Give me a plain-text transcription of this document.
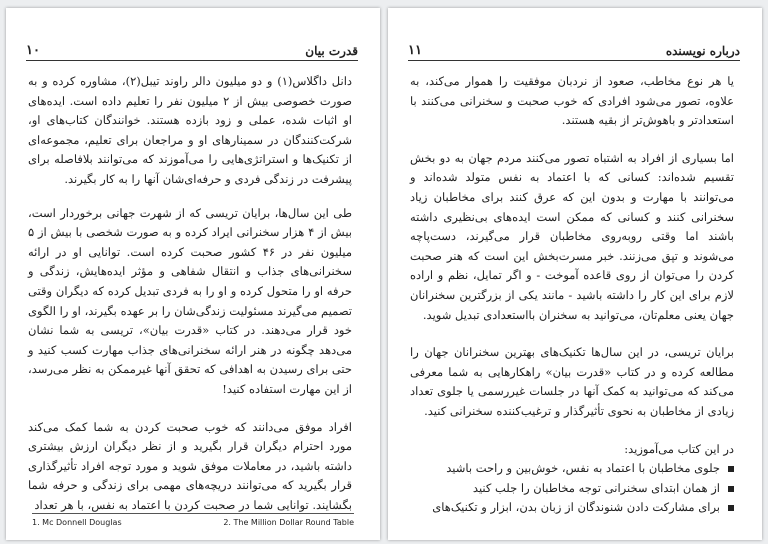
۱۰	قدرت بیان

دانل داگلاس(۱) و دو میلیون دالر راوند تیبل(۲)، مشاوره کرده و به صورت خصوصی بیش از ۲ میلیون نفر را تعلیم داده است. ایده‌های او اثبات شده، عملی و زود بازده هستند. خوانندگان کتاب‌های او، شرکت‌کنندگان در سمینارهای او و مراجعان برای تعلیم، مجموعه‌ای از تکنیک‌ها و استراتژی‌هایی را می‌آموزند که می‌توانند بلافاصله برای پیشرفت در زندگی فردی و حرفه‌ای‌شان آنها را به کار بگیرند.

طی این سال‌ها، برایان تریسی که از شهرت جهانی برخوردار است، بیش از ۴ هزار سخنرانی ایراد کرده و به صورت شخصی با بیش از ۵ میلیون نفر در ۴۶ کشور صحبت کرده است. توانایی او در ارائه سخنرانی‌های جذاب و انتقال شفاهی و مؤثر ایده‌هایش، زندگی و حرفه او را متحول کرده و او را به فردی تبدیل کرده که دیگران وقتی تصمیم می‌گیرند مسئولیت زندگی‌شان را بر عهده بگیرند، او را الگوی خود قرار می‌دهند. در کتاب «قدرت بیان»، تریسی به شما نشان می‌دهد چگونه در هنر ارائه سخنرانی‌های جذاب مهارت کسب کنید و حتی برای رسیدن به اهدافی که تحقق آنها غیرممکن به نظر می‌رسد، از این مهارت استفاده کنید!

افراد موفق می‌دانند که خوب صحبت کردن به شما کمک می‌کند مورد احترام دیگران قرار بگیرید و از نظر دیگران ارزش بیشتری داشته باشید، در معاملات موفق شوید و مورد توجه افراد تأثیرگذاری قرار بگیرید که می‌توانند دریچه‌های مهمی برای زندگی و حرفه شما بگشایند. توانایی شما در صحبت کردن با اعتماد به نفس، با هر تعداد

1. Mc Donnell Douglas	2. The Million Dollar Round Table
۱۱	درباره نویسنده

یا هر نوع مخاطب، صعود از نردبان موفقیت را هموار می‌کند، به علاوه، تصور می‌شود افرادی که خوب صحبت و سخنرانی می‌کنند با استعدادتر و باهوش‌تر از بقیه هستند.

اما بسیاری از افراد به اشتباه تصور می‌کنند مردم جهان به دو بخش تقسیم شده‌اند: کسانی که با اعتماد به نفس متولد شده‌اند و می‌توانند با مهارت و بدون این که عرق کنند برای مخاطبان زیاد سخنرانی کنند و کسانی که ممکن است ایده‌های بی‌نظیری داشته باشند اما وقتی روبه‌روی مخاطبان قرار می‌گیرند، دست‌پاچه می‌شوند و تپق می‌زنند. خبر مسرت‌بخش این است که هنر صحبت کردن را می‌توان از روی قاعده آموخت - و اگر تمایل، نظم و اراده لازم برای این کار را داشته باشید - مانند یکی از بزرگترین سخنرانان جهان یعنی معلم‌تان، می‌توانید به سخنران بااستعدادی تبدیل شوید.

برایان تریسی، در این سال‌ها تکنیک‌های بهترین سخنرانان جهان را مطالعه کرده و در کتاب «قدرت بیان» راهکارهایی به شما معرفی می‌کند که می‌توانید به کمک آنها در جلسات غیررسمی یا جلوی تعداد زیادی از مخاطبان به نحوی تأثیرگذار و ترغیب‌کننده سخنرانی کنید.

در این کتاب می‌آموزید:

جلوی مخاطبان با اعتماد به نفس، خوش‌بین و راحت باشید
از همان ابتدای سخنرانی توجه مخاطبان را جلب کنید
برای مشارکت دادن شنوندگان از زبان بدن، ابزار و تکنیک‌های
